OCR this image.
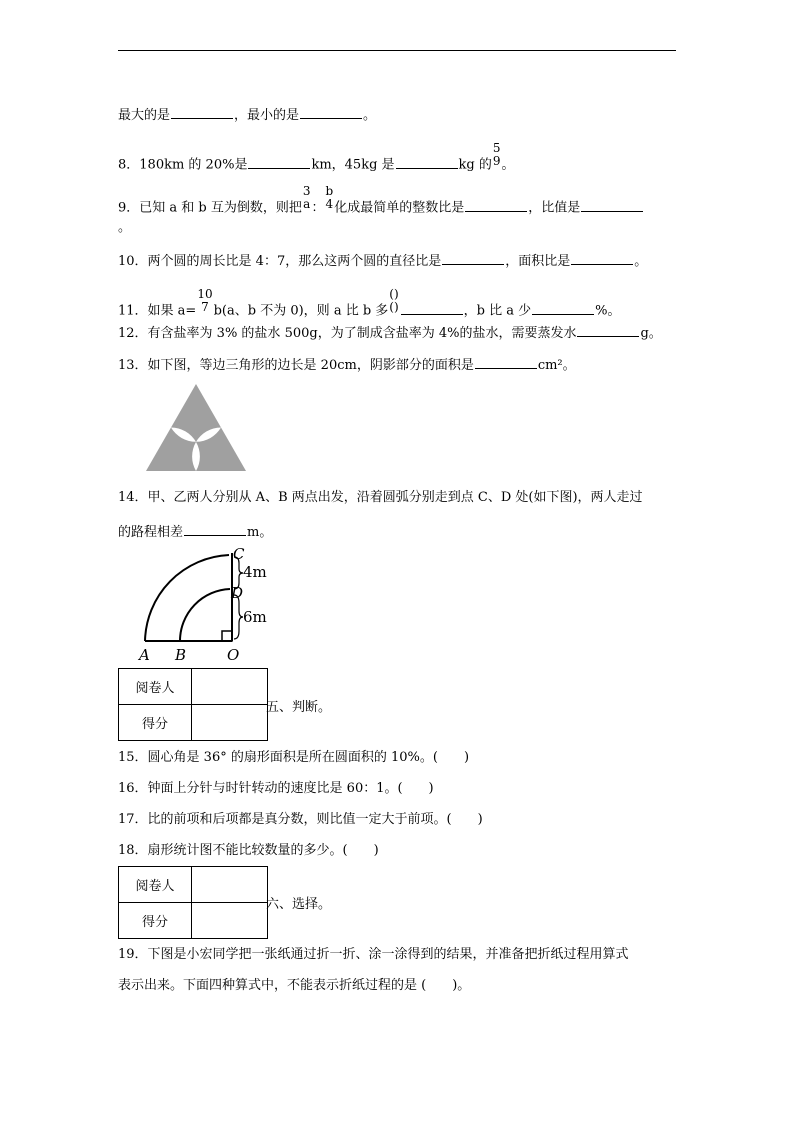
最大的是	，最小的是	。
8．180km 的 20%是	km，45kg 是	kg 的
5
9 。
9．已知 a 和 b 互为倒数，则把
3
a ：
b
4 化成最简单的整数比是	，比值是
。
10．两个圆的周长比是 4：7，那么这两个圆的直径比是	，面积比是	。
11．如果 a=
10
7 b(a、b 不为 0)，则 a 比 b 多
()
()	，b 比 a 少	%。
12．有含盐率为 3% 的盐水 500g，为了制成含盐率为 4%的盐水，需要蒸发水	g。
13．如下图，等边三角形的边长是 20cm，阴影部分的面积是	cm²。
14．甲、乙两人分别从 A、B 两点出发，沿着圆弧分别走到点 C、D 处(如下图)，两人走过
的路程相差	m。
C
4m
D
6m
A B	O
阅卷人	
得分	
五、判断。
15．圆心角是 36° 的扇形面积是所在圆面积的 10%。(　　)
16．钟面上分针与时针转动的速度比是 60：1。(　　)
17．比的前项和后项都是真分数，则比值一定大于前项。(　　)
18．扇形统计图不能比较数量的多少。(　　)
阅卷人	
得分	
六、选择。
19．下图是小宏同学把一张纸通过折一折、涂一涂得到的结果，并准备把折纸过程用算式
表示出来。下面四种算式中，不能表示折纸过程的是 (　　)。
